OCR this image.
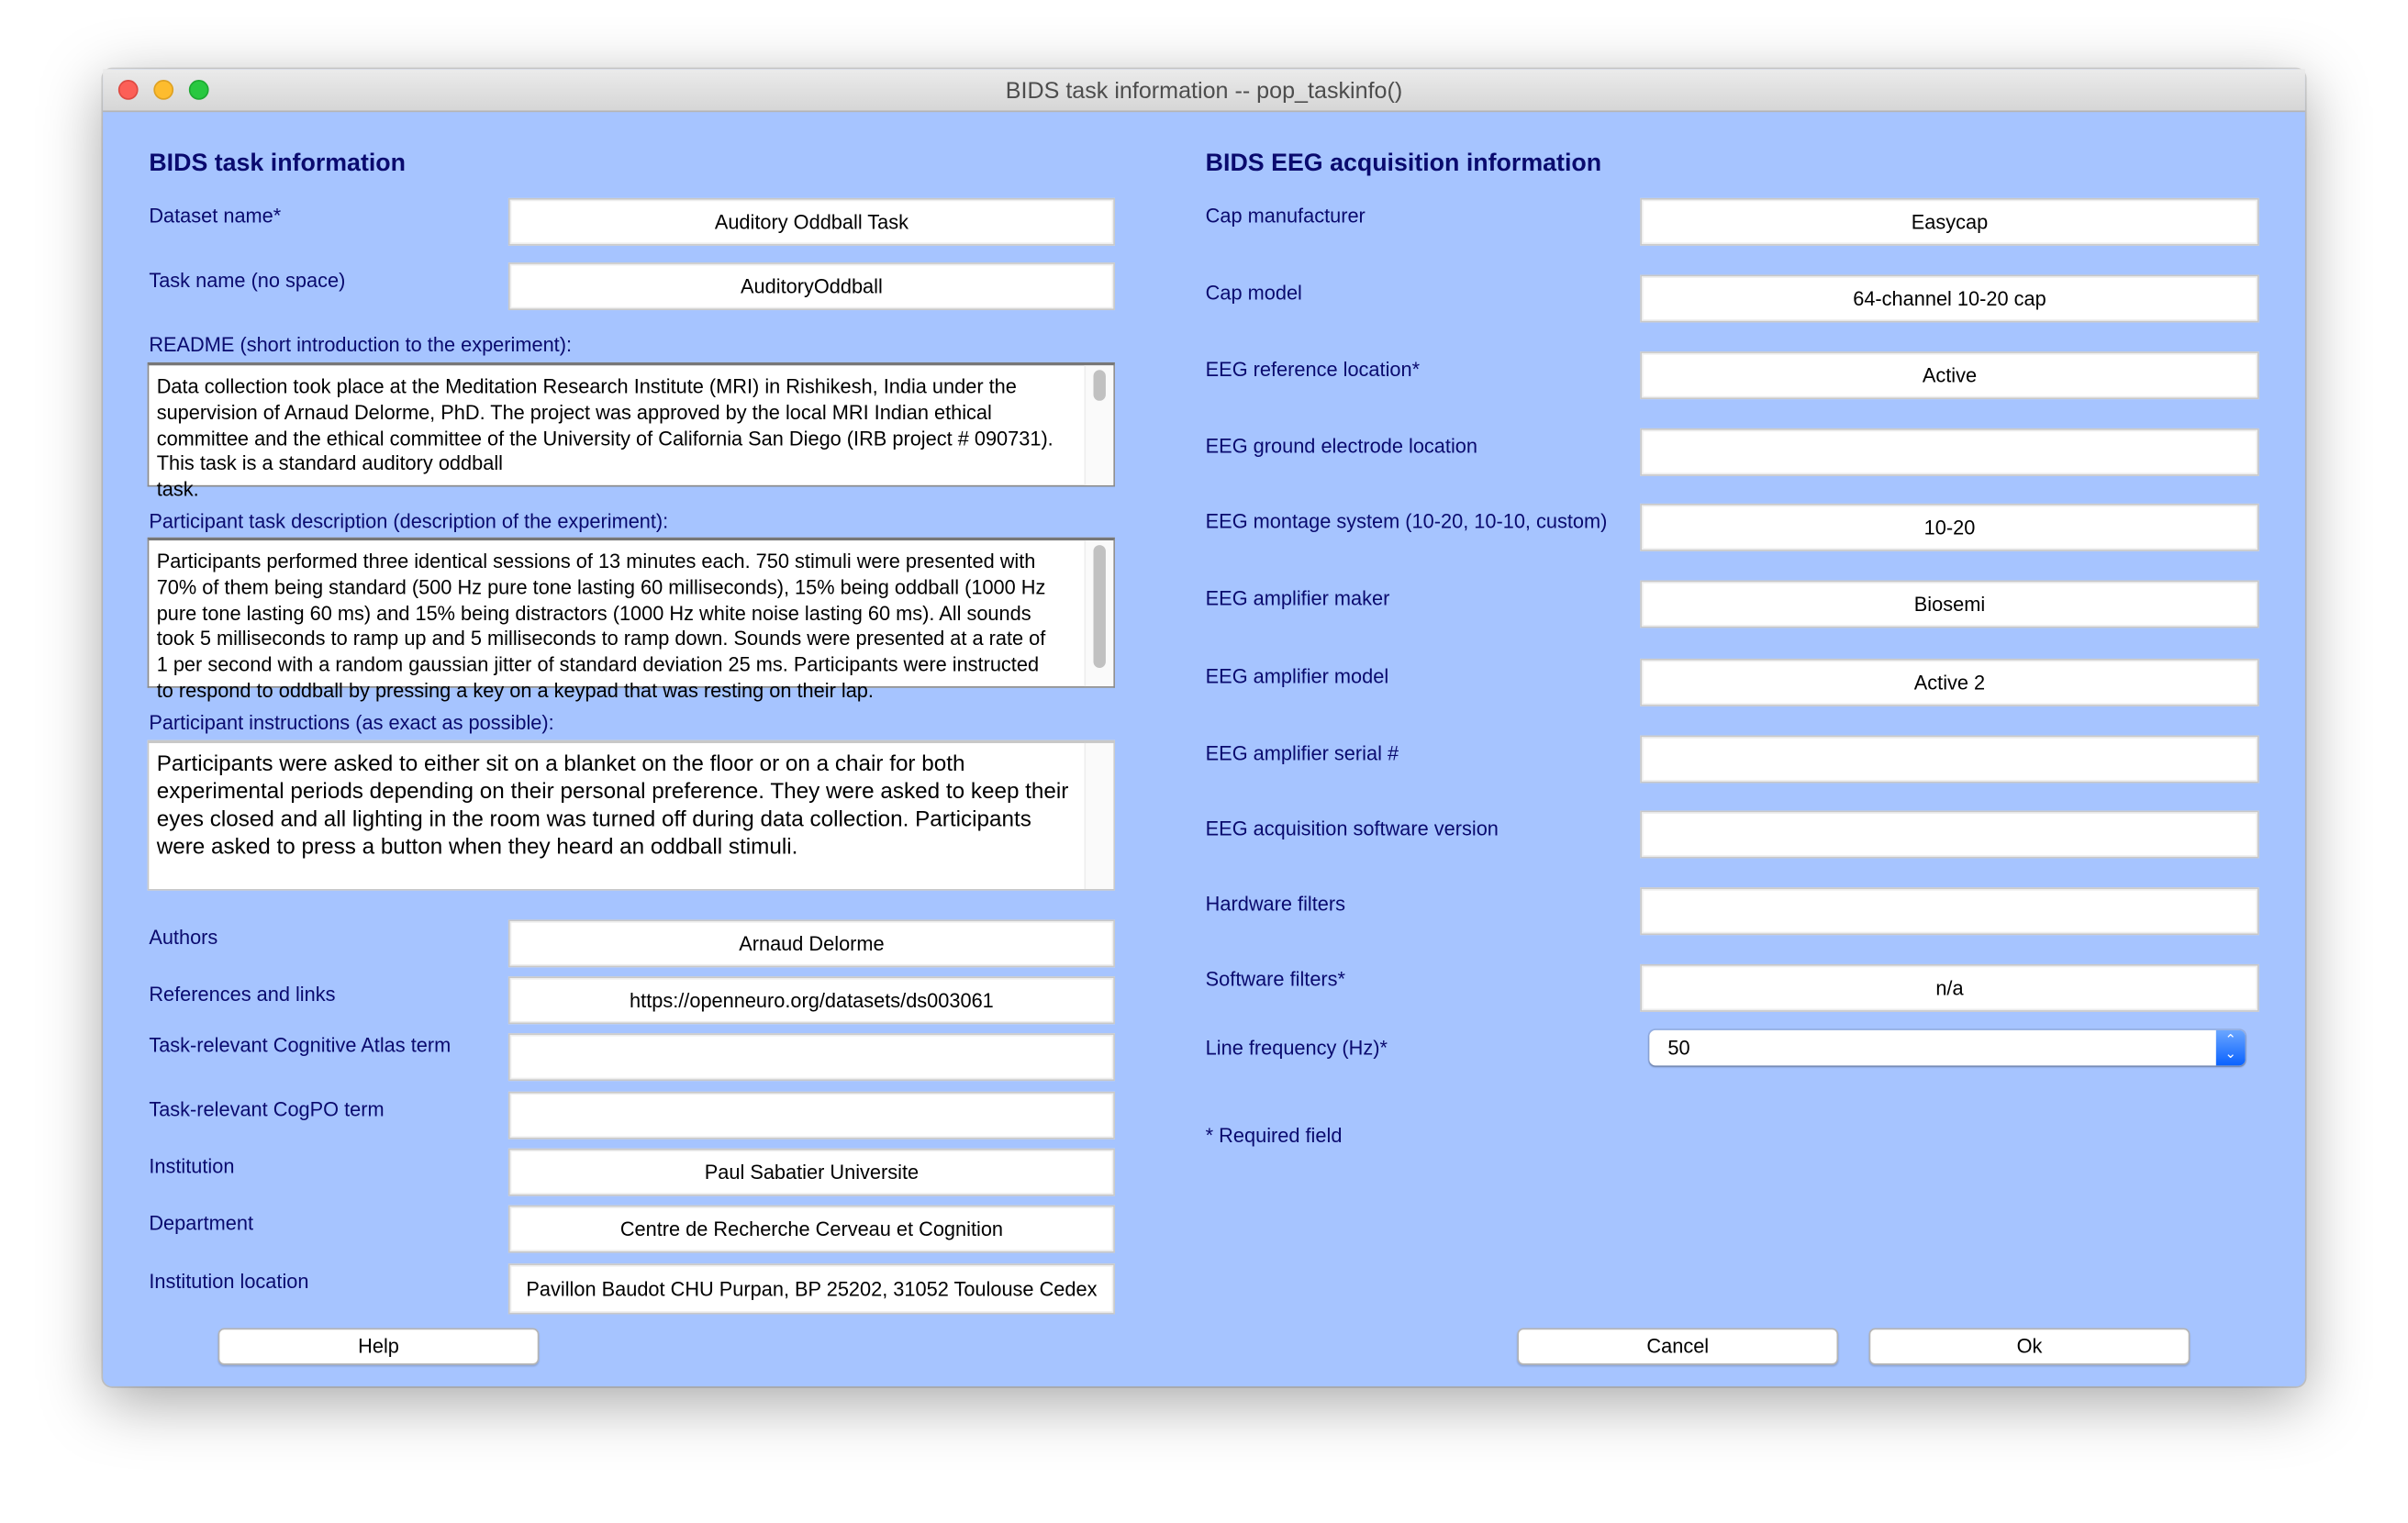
BIDS task information -- pop_taskinfo()
BIDS task information
Dataset name*	Auditory Oddball Task
Task name (no space)	AuditoryOddball
README (short introduction to the experiment):
Data collection took place at the Meditation Research Institute (MRI) in Rishikesh, India under the
supervision of Arnaud Delorme, PhD. The project was approved by the local MRI Indian ethical
committee and the ethical committee of the University of California San Diego (IRB project # 090731).
This task is a standard auditory oddball
task.
Participant task description (description of the experiment):
Participants performed three identical sessions of 13 minutes each. 750 stimuli were presented with
70% of them being standard (500 Hz pure tone lasting 60 milliseconds), 15% being oddball (1000 Hz
pure tone lasting 60 ms) and 15% being distractors (1000 Hz white noise lasting 60 ms). All sounds
took 5 milliseconds to ramp up and 5 milliseconds to ramp down. Sounds were presented at a rate of
1 per second with a random gaussian jitter of standard deviation 25 ms. Participants were instructed
to respond to oddball by pressing a key on a keypad that was resting on their lap.
Participant instructions (as exact as possible):
Participants were asked to either sit on a blanket on the floor or on a chair for both
experimental periods depending on their personal preference. They were asked to keep their
eyes closed and all lighting in the room was turned off during data collection. Participants
were asked to press a button when they heard an oddball stimuli.
Authors	Arnaud Delorme
References and links	https://openneuro.org/datasets/ds003061
Task-relevant Cognitive Atlas term
Task-relevant CogPO term
Institution	Paul Sabatier Universite
Department	Centre de Recherche Cerveau et Cognition
Institution location	Pavillon Baudot CHU Purpan, BP 25202, 31052 Toulouse Cedex
BIDS EEG acquisition information
Cap manufacturer	Easycap
Cap model	64-channel 10-20 cap
EEG reference location*	Active
EEG ground electrode location
EEG montage system (10-20, 10-10, custom)	10-20
EEG amplifier maker	Biosemi
EEG amplifier model	Active 2
EEG amplifier serial #
EEG acquisition software version
Hardware filters
Software filters*	n/a
Line frequency (Hz)*	50	⌃
⌄
* Required field
Help	Cancel	Ok
